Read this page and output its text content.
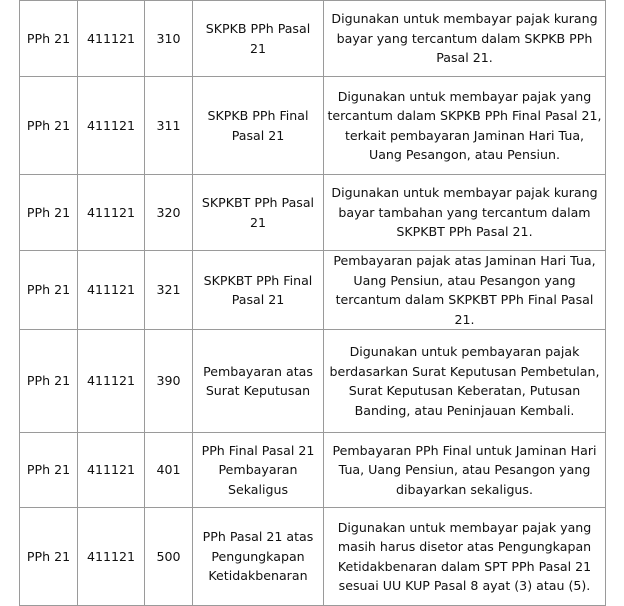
PPh 21	411121	310	SKPKB PPh Pasal 21	Digunakan untuk membayar pajak kurang bayar yang tercantum dalam SKPKB PPh Pasal 21.
PPh 21	411121	311	SKPKB PPh Final Pasal 21	Digunakan untuk membayar pajak yang tercantum dalam SKPKB PPh Final Pasal 21, terkait pembayaran Jaminan Hari Tua, Uang Pesangon, atau Pensiun.
PPh 21	411121	320	SKPKBT PPh Pasal 21	Digunakan untuk membayar pajak kurang bayar tambahan yang tercantum dalam SKPKBT PPh Pasal 21.
PPh 21	411121	321	SKPKBT PPh Final Pasal 21	Pembayaran pajak atas Jaminan Hari Tua, Uang Pensiun, atau Pesangon yang tercantum dalam SKPKBT PPh Final Pasal 21.
PPh 21	411121	390	Pembayaran atas Surat Keputusan	Digunakan untuk pembayaran pajak berdasarkan Surat Keputusan Pembetulan, Surat Keputusan Keberatan, Putusan Banding, atau Peninjauan Kembali.
PPh 21	411121	401	PPh Final Pasal 21 Pembayaran Sekaligus	Pembayaran PPh Final untuk Jaminan Hari Tua, Uang Pensiun, atau Pesangon yang dibayarkan sekaligus.
PPh 21	411121	500	PPh Pasal 21 atas Pengungkapan Ketidakbenaran	Digunakan untuk membayar pajak yang masih harus disetor atas Pengungkapan Ketidakbenaran dalam SPT PPh Pasal 21 sesuai UU KUP Pasal 8 ayat (3) atau (5).
